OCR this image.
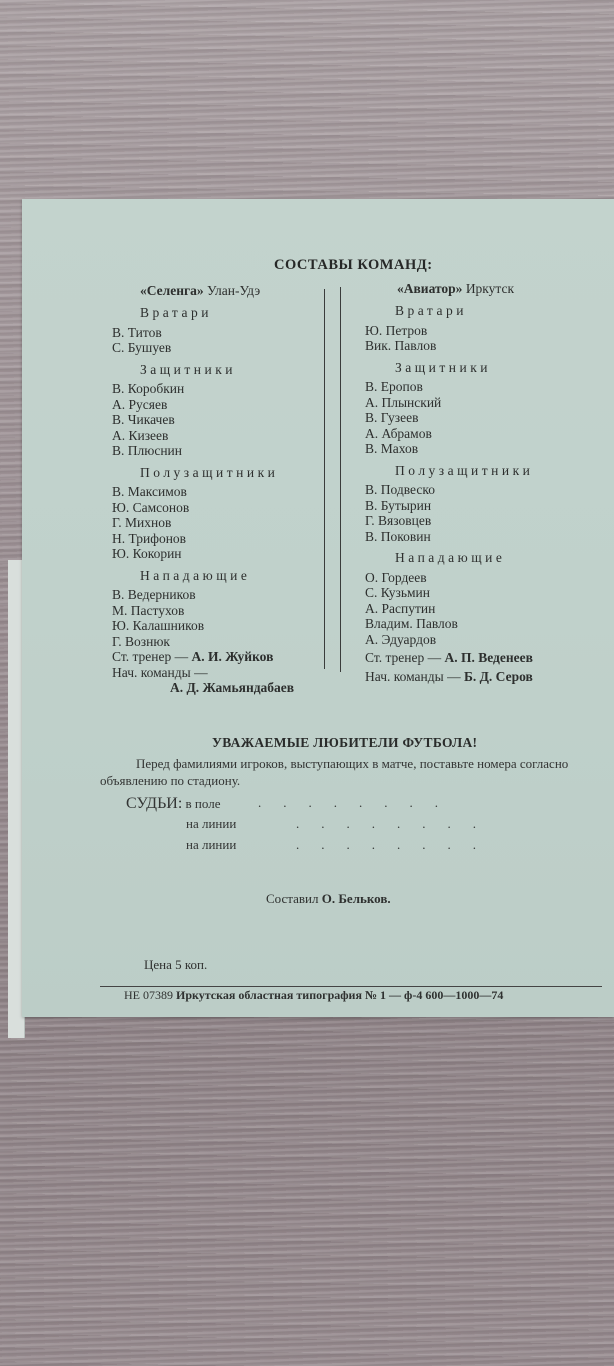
СОСТАВЫ КОМАНД:
«Селенга» Улан-Удэ
Вратари
В. Титов
С. Бушуев
Защитники
В. Коробкин
А. Русяев
В. Чикачев
А. Кизеев
В. Плюснин
Полузащитники
В. Максимов
Ю. Самсонов
Г. Михнов
Н. Трифонов
Ю. Кокорин
Нападающие
В. Ведерников
М. Пастухов
Ю. Калашников
Г. Вознюк
Ст. тренер — А. И. Жуйков
Нач. команды —
А. Д. Жамьяндабаев
«Авиатор» Иркутск
Вратари
Ю. Петров
Вик. Павлов
Защитники
В. Еропов
А. Плынский
В. Гузеев
А. Абрамов
В. Махов
Полузащитники
В. Подвеско
В. Бутырин
Г. Вязовцев
В. Поковин
Нападающие
О. Гордеев
С. Кузьмин
А. Распутин
Владим. Павлов
А. Эдуардов
Ст. тренер — А. П. Веденеев
Нач. команды — Б. Д. Серов
УВАЖАЕМЫЕ ЛЮБИТЕЛИ ФУТБОЛА!
Перед фамилиями игроков, выступающих в матче, поставьте номера согласно объявлению по стадиону.
СУДЬИ: в поле	........
на линии	........
на линии	........
Составил О. Бельков.
Цена 5 коп.
НЕ 07389 Иркутская областная типография № 1 — ф-4 600—1000—74
